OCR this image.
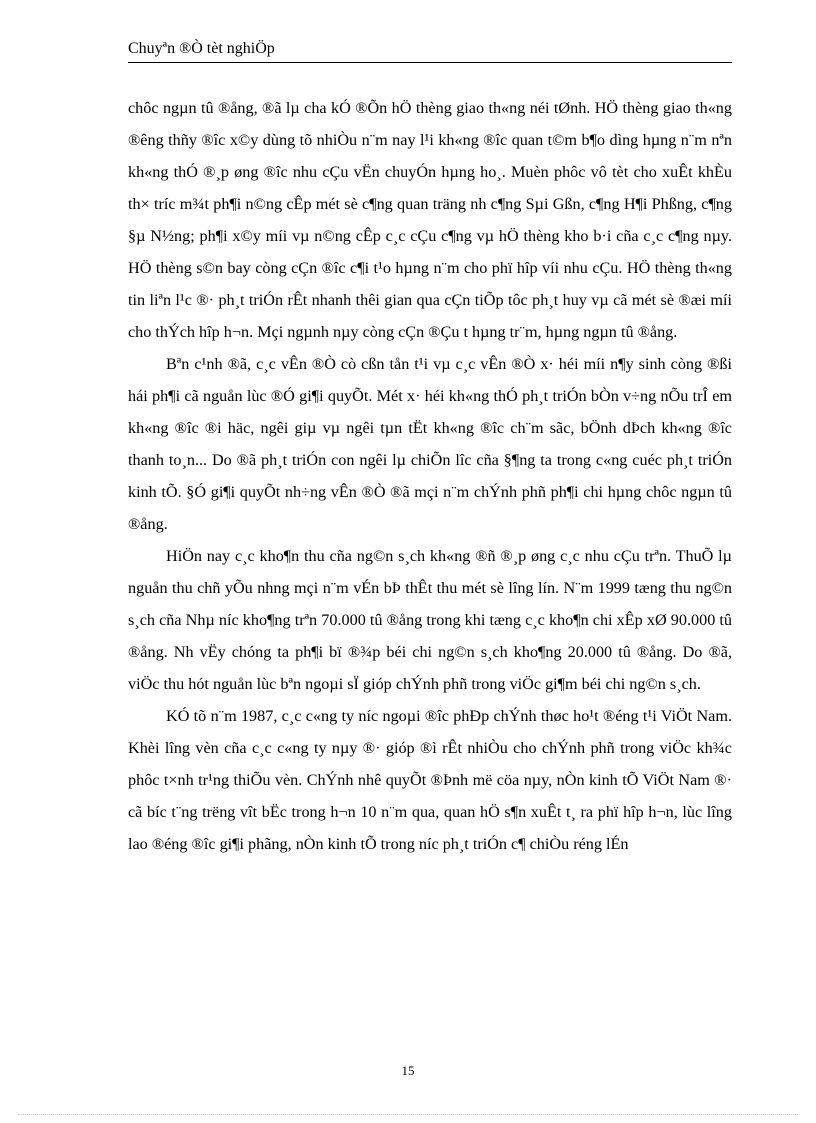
Chuyªn ®Ò tèt nghiÖp

chôc ngµn tû ®ång, ®ã lµ cha kÓ ®Õn hÖ thèng giao th«ng néi tØnh. HÖ thèng giao th«ng ®êng thñy ®îc x©y dùng tõ nhiÒu n¨m nay l¹i kh«ng ®îc quan t©m b¶o dìng hµng n¨m nªn kh«ng thÓ ®¸p øng ®îc nhu cÇu vËn chuyÓn hµng ho¸. Muèn phôc vô tèt cho xuÊt khÈu th× tríc m¾t ph¶i n©ng cÊp mét sè c¶ng quan träng nh c¶ng Sµi Gßn, c¶ng H¶i Phßng, c¶ng §µ N½ng; ph¶i x©y míi vµ n©ng cÊp c¸c cÇu c¶ng vµ hÖ thèng kho b·i cña c¸c c¶ng nµy. HÖ thèng s©n bay còng cÇn ®îc c¶i t¹o hµng n¨m cho phï hîp víi nhu cÇu. HÖ thèng th«ng tin liªn l¹c ®· ph¸t triÓn rÊt nhanh thêi gian qua cÇn tiÕp tôc ph¸t huy vµ cã mét sè ®æi míi cho thÝch hîp h¬n. Mçi ngµnh nµy còng cÇn ®Çu t hµng tr¨m, hµng ngµn tû ®ång.

Bªn c¹nh ®ã, c¸c vÊn ®Ò cò cßn tån t¹i vµ c¸c vÊn ®Ò x· héi míi n¶y sinh còng ®ßi hái ph¶i cã nguån lùc ®Ó gi¶i quyÕt. Mét x· héi kh«ng thÓ ph¸t triÓn bÒn v÷ng nÕu trÎ em kh«ng ®îc ®i häc, ngêi giµ vµ ngêi tµn tËt kh«ng ®îc ch¨m sãc, bÖnh dÞch kh«ng ®îc thanh to¸n... Do ®ã ph¸t triÓn con ngêi lµ chiÕn lîc cña §¶ng ta trong c«ng cuéc ph¸t triÓn kinh tÕ. §Ó gi¶i quyÕt nh÷ng vÊn ®Ò ®ã mçi n¨m chÝnh phñ ph¶i chi hµng chôc ngµn tû ®ång.

HiÖn nay c¸c kho¶n thu cña ng©n s¸ch kh«ng ®ñ ®¸p øng c¸c nhu cÇu trªn. ThuÕ lµ nguån thu chñ yÕu nhng mçi n¨m vÉn bÞ thÊt thu mét sè lîng lín. N¨m 1999 tæng thu ng©n s¸ch cña Nhµ níc kho¶ng trªn 70.000 tû ®ång trong khi tæng c¸c kho¶n chi xÊp xØ 90.000 tû ®ång. Nh vËy chóng ta ph¶i bï ®¾p béi chi ng©n s¸ch kho¶ng 20.000 tû ®ång. Do ®ã, viÖc thu hót nguån lùc bªn ngoµi sÏ gióp chÝnh phñ trong viÖc gi¶m béi chi ng©n s¸ch.

KÓ tõ n¨m 1987, c¸c c«ng ty níc ngoµi ®îc phÐp chÝnh thøc ho¹t ®éng t¹i ViÖt Nam. Khèi lîng vèn cña c¸c c«ng ty nµy ®· gióp ®ì rÊt nhiÒu cho chÝnh phñ trong viÖc kh¾c phôc t×nh tr¹ng thiÕu vèn. ChÝnh nhê quyÕt ®Þnh më cöa nµy, nÒn kinh tÕ ViÖt Nam ®· cã bíc t¨ng trëng vît bËc trong h¬n 10 n¨m qua, quan hÖ s¶n xuÊt t¸ ra phï hîp h¬n, lùc lîng lao ®éng ®îc gi¶i phãng, nÒn kinh tÕ trong níc ph¸t triÓn c¶ chiÒu réng lÉn

15
